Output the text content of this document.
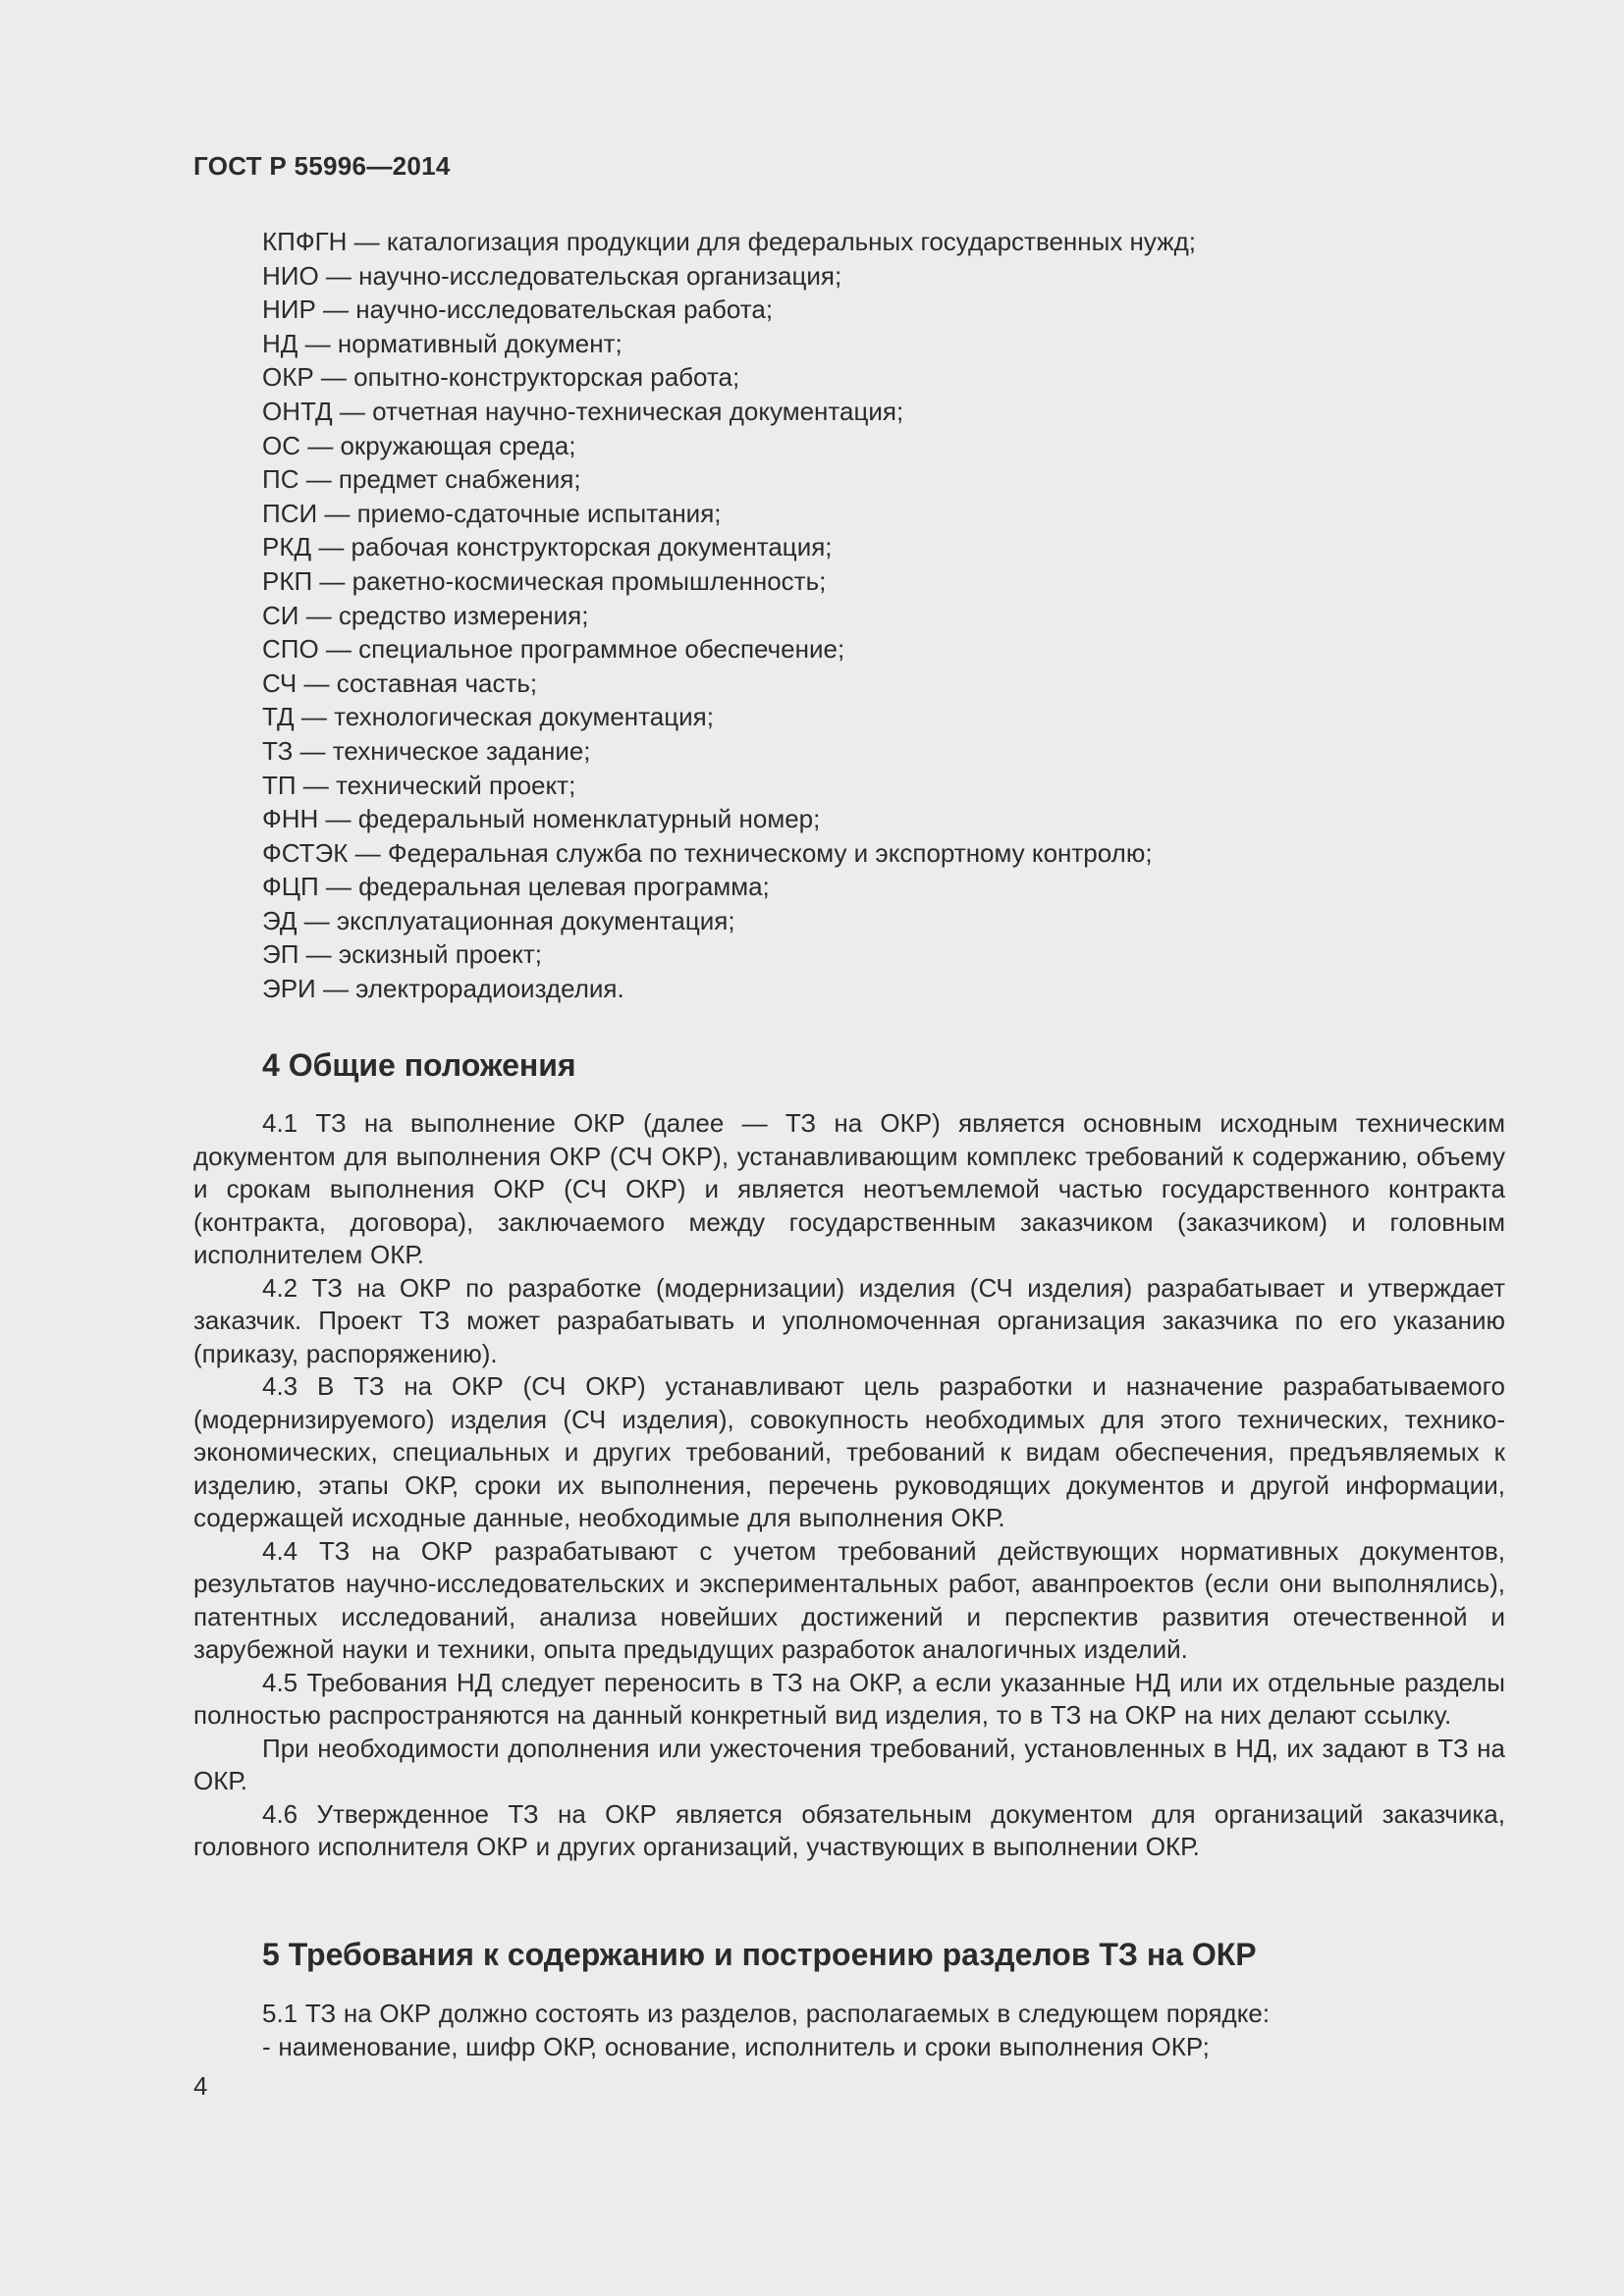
ГОСТ Р 55996—2014
КПФГН — каталогизация продукции для федеральных государственных нужд;
НИО — научно-исследовательская организация;
НИР — научно-исследовательская работа;
НД — нормативный документ;
ОКР — опытно-конструкторская работа;
ОНТД — отчетная научно-техническая документация;
ОС — окружающая среда;
ПС — предмет снабжения;
ПСИ — приемо-сдаточные испытания;
РКД — рабочая конструкторская документация;
РКП — ракетно-космическая промышленность;
СИ — средство измерения;
СПО — специальное программное обеспечение;
СЧ — составная часть;
ТД — технологическая документация;
ТЗ — техническое задание;
ТП — технический проект;
ФНН — федеральный номенклатурный номер;
ФСТЭК — Федеральная служба по техническому и экспортному контролю;
ФЦП — федеральная целевая программа;
ЭД — эксплуатационная документация;
ЭП — эскизный проект;
ЭРИ — электрорадиоизделия.
4 Общие положения

4.1 ТЗ на выполнение ОКР (далее — ТЗ на ОКР) является основным исходным техническим документом для выполнения ОКР (СЧ ОКР), устанавливающим комплекс требований к содержанию, объему и срокам выполнения ОКР (СЧ ОКР) и является неотъемлемой частью государственного контракта (контракта, договора), заключаемого между государственным заказчиком (заказчиком) и головным исполнителем ОКР.

4.2 ТЗ на ОКР по разработке (модернизации) изделия (СЧ изделия) разрабатывает и утверждает заказчик. Проект ТЗ может разрабатывать и уполномоченная организация заказчика по его указанию (приказу, распоряжению).

4.3 В ТЗ на ОКР (СЧ ОКР) устанавливают цель разработки и назначение разрабатываемого (модернизируемого) изделия (СЧ изделия), совокупность необходимых для этого технических, технико-экономических, специальных и других требований, требований к видам обеспечения, предъявляемых к изделию, этапы ОКР, сроки их выполнения, перечень руководящих документов и другой информации, содержащей исходные данные, необходимые для выполнения ОКР.

4.4 ТЗ на ОКР разрабатывают с учетом требований действующих нормативных документов, результатов научно-исследовательских и экспериментальных работ, аванпроектов (если они выполнялись), патентных исследований, анализа новейших достижений и перспектив развития отечественной и зарубежной науки и техники, опыта предыдущих разработок аналогичных изделий.

4.5 Требования НД следует переносить в ТЗ на ОКР, а если указанные НД или их отдельные разделы полностью распространяются на данный конкретный вид изделия, то в ТЗ на ОКР на них делают ссылку.

При необходимости дополнения или ужесточения требований, установленных в НД, их задают в ТЗ на ОКР.

4.6 Утвержденное ТЗ на ОКР является обязательным документом для организаций заказчика, головного исполнителя ОКР и других организаций, участвующих в выполнении ОКР.

5 Требования к содержанию и построению разделов ТЗ на ОКР

5.1 ТЗ на ОКР должно состоять из разделов, располагаемых в следующем порядке:

- наименование, шифр ОКР, основание, исполнитель и сроки выполнения ОКР;

4
